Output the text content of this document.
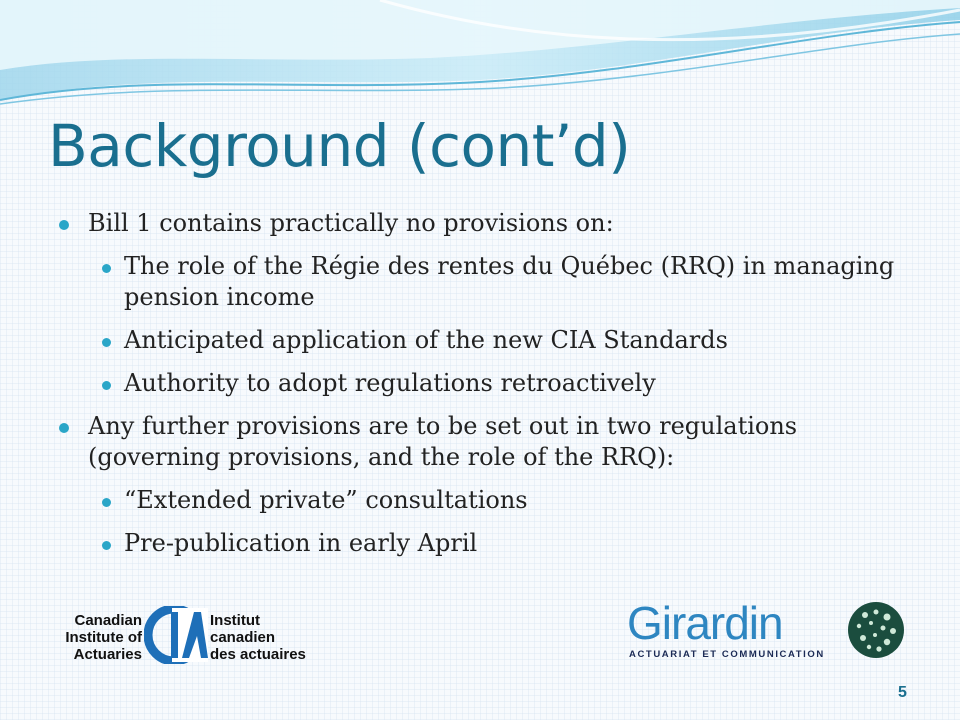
Background (cont’d)
Bill 1 contains practically no provisions on:
The role of the Régie des rentes du Québec (RRQ) in managing pension income
Anticipated application of the new CIA Standards
Authority to adopt regulations retroactively
Any further provisions are to be set out in two regulations (governing provisions, and the role of the RRQ):
“Extended private” consultations
Pre-publication in early April
Canadian
Institute of
Actuaries
Institut
canadien
des actuaires
Girardin
ACTUARIAT ET COMMUNICATION
5
